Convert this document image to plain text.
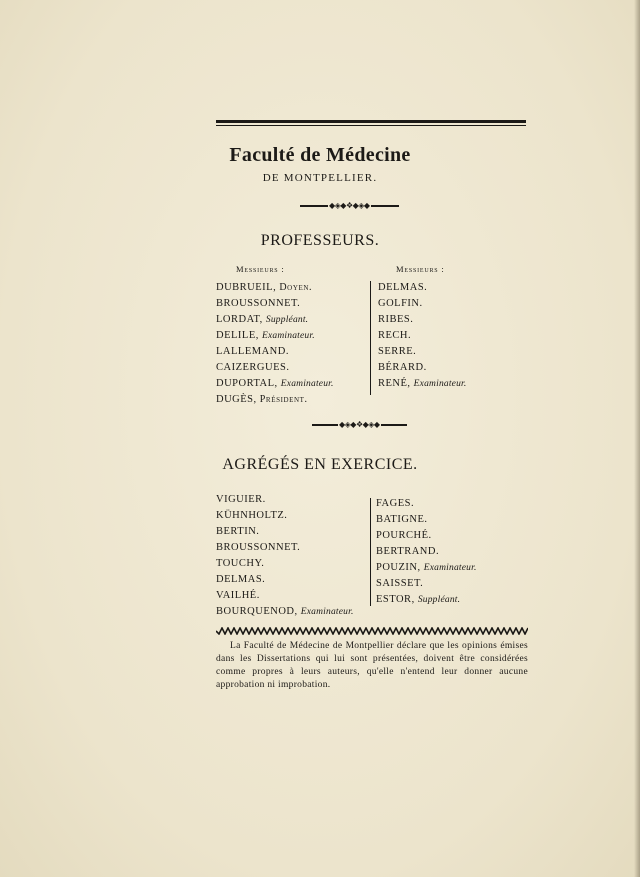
Faculté de Médecine
DE MONTPELLIER.
◆◈◆❖◆◈◆
PROFESSEURS.
Messieurs :	Messieurs :
DUBRUEIL, Doyen.
BROUSSONNET.
LORDAT, Suppléant.
DELILE, Examinateur.
LALLEMAND.
CAIZERGUES.
DUPORTAL, Examinateur.
DUGÈS, Président.
DELMAS.
GOLFIN.
RIBES.
RECH.
SERRE.
BÉRARD.
RENÉ, Examinateur.
◆◈◆❖◆◈◆
AGRÉGÉS EN EXERCICE.
VIGUIER.
KÜHNHOLTZ.
BERTIN.
BROUSSONNET.
TOUCHY.
DELMAS.
VAILHÉ.
BOURQUENOD, Examinateur.
FAGES.
BATIGNE.
POURCHÉ.
BERTRAND.
POUZIN, Examinateur.
SAISSET.
ESTOR, Suppléant.
La Faculté de Médecine de Montpellier déclare que les opinions émises dans les Dissertations qui lui sont présentées, doivent être considérées comme propres à leurs auteurs, qu'elle n'entend leur donner aucune approbation ni improbation.
